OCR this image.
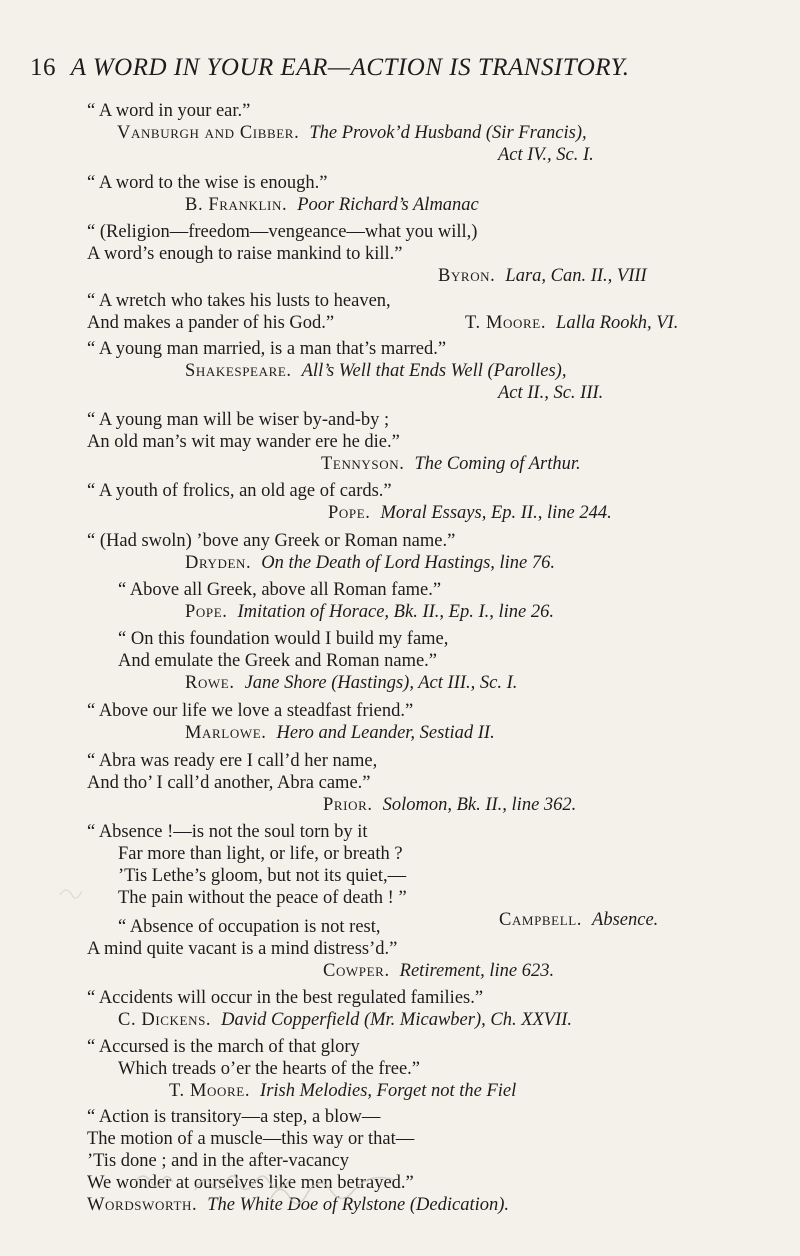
16 A WORD IN YOUR EAR—ACTION IS TRANSITORY.
“ A word in your ear.”
Vanburgh and Cibber. The Provok’d Husband (Sir Francis),
Act IV., Sc. I.
“ A word to the wise is enough.”
B. Franklin. Poor Richard’s Almanac
“ (Religion—freedom—vengeance—what you will,)
A word’s enough to raise mankind to kill.”
Byron. Lara, Can. II., VIII
“ A wretch who takes his lusts to heaven,
And makes a pander of his God.”	T. Moore. Lalla Rookh, VI.
“ A young man married, is a man that’s marred.”
Shakespeare. All’s Well that Ends Well (Parolles),
Act II., Sc. III.
“ A young man will be wiser by-and-by ;
An old man’s wit may wander ere he die.”
Tennyson. The Coming of Arthur.
“ A youth of frolics, an old age of cards.”
Pope. Moral Essays, Ep. II., line 244.
“ (Had swoln) ’bove any Greek or Roman name.”
Dryden. On the Death of Lord Hastings, line 76.
“ Above all Greek, above all Roman fame.”
Pope. Imitation of Horace, Bk. II., Ep. I., line 26.
“ On this foundation would I build my fame,
And emulate the Greek and Roman name.”
Rowe. Jane Shore (Hastings), Act III., Sc. I.
“ Above our life we love a steadfast friend.”
Marlowe. Hero and Leander, Sestiad II.
“ Abra was ready ere I call’d her name,
And tho’ I call’d another, Abra came.”
Prior. Solomon, Bk. II., line 362.
“ Absence !—is not the soul torn by it
Far more than light, or life, or breath ?
’Tis Lethe’s gloom, but not its quiet,—
The pain without the peace of death ! ”
Campbell. Absence.
“ Absence of occupation is not rest,
A mind quite vacant is a mind distress’d.”
Cowper. Retirement, line 623.
“ Accidents will occur in the best regulated families.”
C. Dickens. David Copperfield (Mr. Micawber), Ch. XXVII.
“ Accursed is the march of that glory
Which treads o’er the hearts of the free.”
T. Moore. Irish Melodies, Forget not the Fiel
“ Action is transitory—a step, a blow—
The motion of a muscle—this way or that—
’Tis done ; and in the after-vacancy
We wonder at ourselves like men betrayed.”
Wordsworth. The White Doe of Rylstone (Dedication).
